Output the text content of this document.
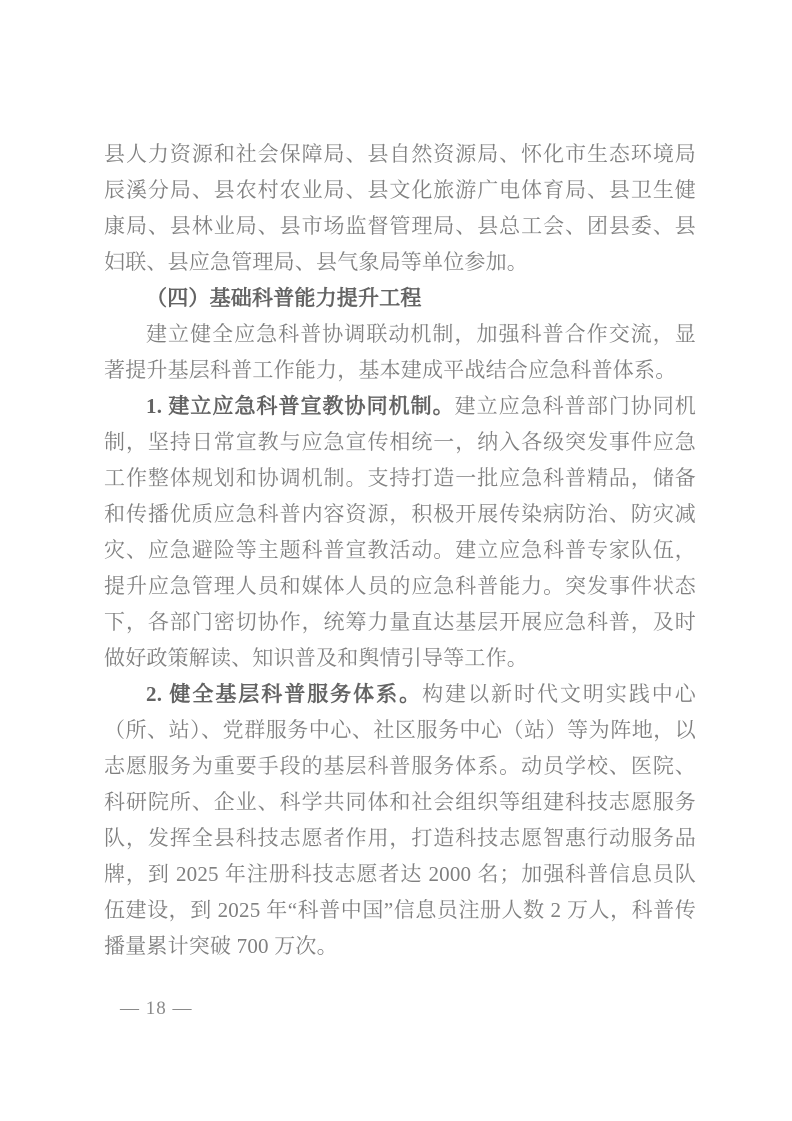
县人力资源和社会保障局、县自然资源局、怀化市生态环境局辰溪分局、县农村农业局、县文化旅游广电体育局、县卫生健康局、县林业局、县市场监督管理局、县总工会、团县委、县妇联、县应急管理局、县气象局等单位参加。

（四）基础科普能力提升工程

建立健全应急科普协调联动机制，加强科普合作交流，显著提升基层科普工作能力，基本建成平战结合应急科普体系。

1. 建立应急科普宣教协同机制。建立应急科普部门协同机制，坚持日常宣教与应急宣传相统一，纳入各级突发事件应急工作整体规划和协调机制。支持打造一批应急科普精品，储备和传播优质应急科普内容资源，积极开展传染病防治、防灾减灾、应急避险等主题科普宣教活动。建立应急科普专家队伍，提升应急管理人员和媒体人员的应急科普能力。突发事件状态下，各部门密切协作，统筹力量直达基层开展应急科普，及时做好政策解读、知识普及和舆情引导等工作。

2. 健全基层科普服务体系。构建以新时代文明实践中心（所、站）、党群服务中心、社区服务中心（站）等为阵地，以志愿服务为重要手段的基层科普服务体系。动员学校、医院、科研院所、企业、科学共同体和社会组织等组建科技志愿服务队，发挥全县科技志愿者作用，打造科技志愿智惠行动服务品牌，到 2025 年注册科技志愿者达 2000 名；加强科普信息员队伍建设，到 2025 年“科普中国”信息员注册人数 2 万人，科普传播量累计突破 700 万次。

— 18 —
